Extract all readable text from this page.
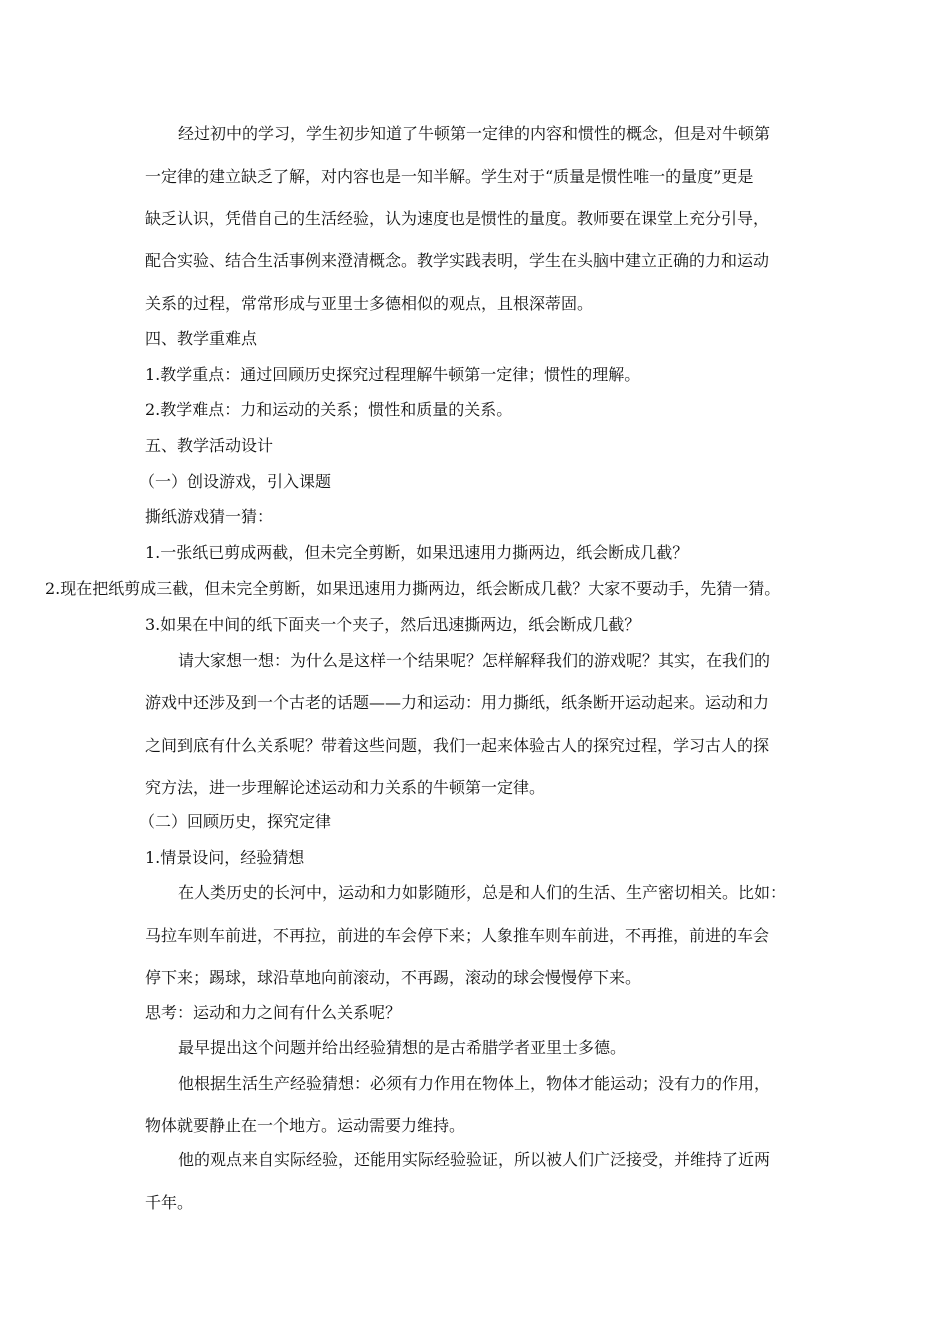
经过初中的学习，学生初步知道了牛顿第一定律的内容和惯性的概念，但是对牛顿第
一定律的建立缺乏了解，对内容也是一知半解。学生对于“质量是惯性唯一的量度”更是
缺乏认识，凭借自己的生活经验，认为速度也是惯性的量度。教师要在课堂上充分引导，
配合实验、结合生活事例来澄清概念。教学实践表明，学生在头脑中建立正确的力和运动
关系的过程，常常形成与亚里士多德相似的观点，且根深蒂固。
四、教学重难点
1.教学重点：通过回顾历史探究过程理解牛顿第一定律；惯性的理解。
2.教学难点：力和运动的关系；惯性和质量的关系。
五、教学活动设计
（一）创设游戏，引入课题
撕纸游戏猜一猜：
1.一张纸已剪成两截，但未完全剪断，如果迅速用力撕两边，纸会断成几截？
2.现在把纸剪成三截，但未完全剪断，如果迅速用力撕两边，纸会断成几截？大家不要动手，先猜一猜。
3.如果在中间的纸下面夹一个夹子，然后迅速撕两边，纸会断成几截？
请大家想一想：为什么是这样一个结果呢？怎样解释我们的游戏呢？其实，在我们的
游戏中还涉及到一个古老的话题——力和运动：用力撕纸，纸条断开运动起来。运动和力
之间到底有什么关系呢？带着这些问题，我们一起来体验古人的探究过程，学习古人的探
究方法，进一步理解论述运动和力关系的牛顿第一定律。
（二）回顾历史，探究定律
1.情景设问，经验猜想
在人类历史的长河中，运动和力如影随形，总是和人们的生活、生产密切相关。比如：
马拉车则车前进，不再拉，前进的车会停下来；人象推车则车前进，不再推，前进的车会
停下来；踢球，球沿草地向前滚动，不再踢，滚动的球会慢慢停下来。
思考：运动和力之间有什么关系呢？
最早提出这个问题并给出经验猜想的是古希腊学者亚里士多德。
他根据生活生产经验猜想：必须有力作用在物体上，物体才能运动；没有力的作用，
物体就要静止在一个地方。运动需要力维持。
他的观点来自实际经验，还能用实际经验验证，所以被人们广泛接受，并维持了近两
千年。
